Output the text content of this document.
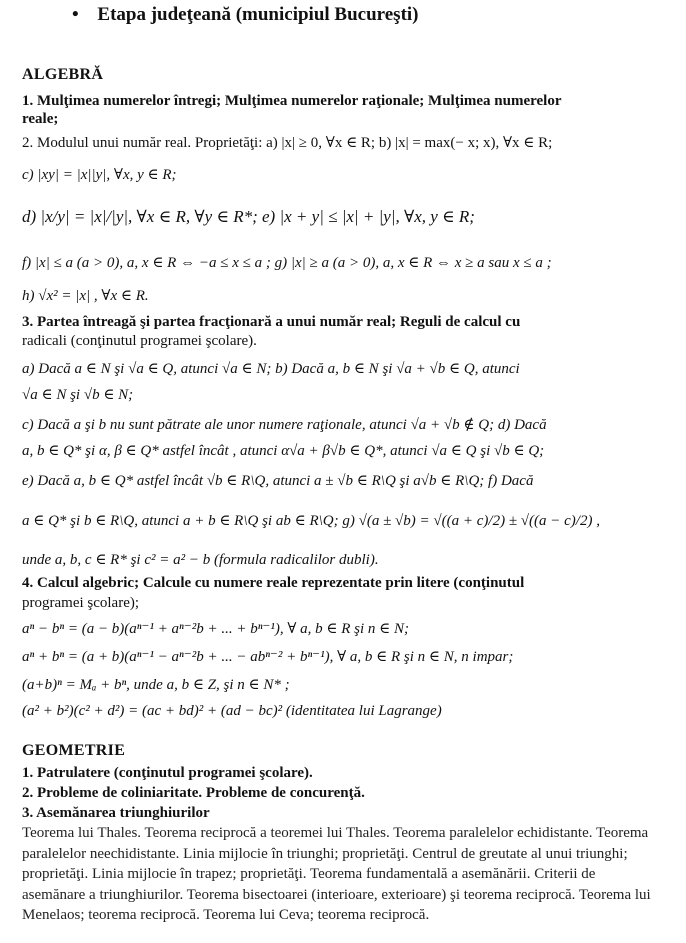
• Etapa judeţeană (municipiul Bucureşti)
ALGEBRĂ
1. Mulţimea numerelor întregi; Mulţimea numerelor raţionale; Mulţimea numerelor
reale;
2. Modulul unui număr real. Proprietăţi: a) |x| ≥ 0, ∀x ∈ R; b) |x| = max(− x; x), ∀x ∈ R;
c) |xy| = |x||y|, ∀x, y ∈ R;
d) |x/y| = |x|/|y|, ∀x ∈ R, ∀y ∈ R*; e) |x + y| ≤ |x| + |y|, ∀x, y ∈ R;
f) |x| ≤ a (a > 0), a, x ∈ R ⇔ −a ≤ x ≤ a ; g) |x| ≥ a (a > 0), a, x ∈ R ⇔ x ≥ a sau x ≤ a ;
h) √x² = |x| , ∀x ∈ R.
3. Partea întreagă şi partea fracţionară a unui număr real; Reguli de calcul cu
radicali (conţinutul programei şcolare).
a) Dacă a ∈ N şi √a ∈ Q, atunci √a ∈ N; b) Dacă a, b ∈ N şi √a + √b ∈ Q, atunci
√a ∈ N şi √b ∈ N;
c) Dacă a şi b nu sunt pătrate ale unor numere raţionale, atunci √a + √b ∉ Q; d) Dacă
a, b ∈ Q* şi α, β ∈ Q* astfel încât , atunci α√a + β√b ∈ Q*, atunci √a ∈ Q şi √b ∈ Q;
e) Dacă a, b ∈ Q* astfel încât √b ∈ R\Q, atunci a ± √b ∈ R\Q şi a√b ∈ R\Q; f) Dacă
a ∈ Q* şi b ∈ R\Q, atunci a + b ∈ R\Q şi ab ∈ R\Q; g) √(a ± √b) = √((a + c)/2) ± √((a − c)/2) ,
unde a, b, c ∈ R* şi c² = a² − b (formula radicalilor dubli).
4. Calcul algebric; Calcule cu numere reale reprezentate prin litere (conţinutul
programei şcolare);
aⁿ − bⁿ = (a − b)(aⁿ⁻¹ + aⁿ⁻²b + ... + bⁿ⁻¹), ∀ a, b ∈ R şi n ∈ N;
aⁿ + bⁿ = (a + b)(aⁿ⁻¹ − aⁿ⁻²b + ... − abⁿ⁻² + bⁿ⁻¹), ∀ a, b ∈ R şi n ∈ N, n impar;
(a+b)ⁿ = Mₐ + bⁿ, unde a, b ∈ Z, şi n ∈ N* ;
(a² + b²)(c² + d²) = (ac + bd)² + (ad − bc)² (identitatea lui Lagrange)
GEOMETRIE
1. Patrulatere (conţinutul programei şcolare).
2. Probleme de coliniaritate. Probleme de concurenţă.
3. Asemănarea triunghiurilor
Teorema lui Thales. Teorema reciprocă a teoremei lui Thales. Teorema paralelelor echidistante. Teorema paralelelor neechidistante. Linia mijlocie în triunghi; proprietăţi. Centrul de greutate al unui triunghi; proprietăţi. Linia mijlocie în trapez; proprietăţi. Teorema fundamentală a asemănării. Criterii de asemănare a triunghiurilor. Teorema bisectoarei (interioare, exterioare) şi teorema reciprocă. Teorema lui Menelaos; teorema reciprocă. Teorema lui Ceva; teorema reciprocă.
